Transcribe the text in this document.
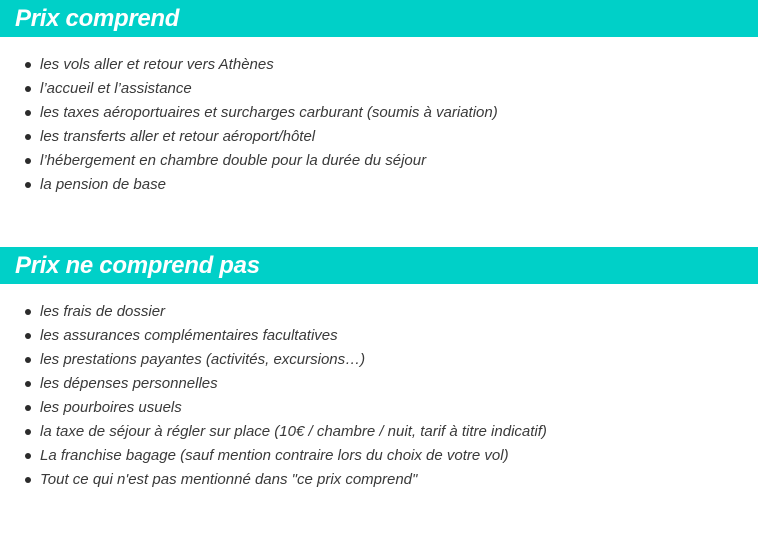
Prix comprend
les vols aller et retour vers Athènes
l’accueil et l’assistance
les taxes aéroportuaires et surcharges carburant (soumis à variation)
les transferts aller et retour aéroport/hôtel
l’hébergement en chambre double pour la durée du séjour
la pension de base
Prix ne comprend pas
les frais de dossier
les assurances complémentaires facultatives
les prestations payantes (activités, excursions…)
les dépenses personnelles
les pourboires usuels
la taxe de séjour à régler sur place (10€ / chambre / nuit, tarif à titre indicatif)
La franchise bagage (sauf mention contraire lors du choix de votre vol)
Tout ce qui n'est pas mentionné dans "ce prix comprend"
